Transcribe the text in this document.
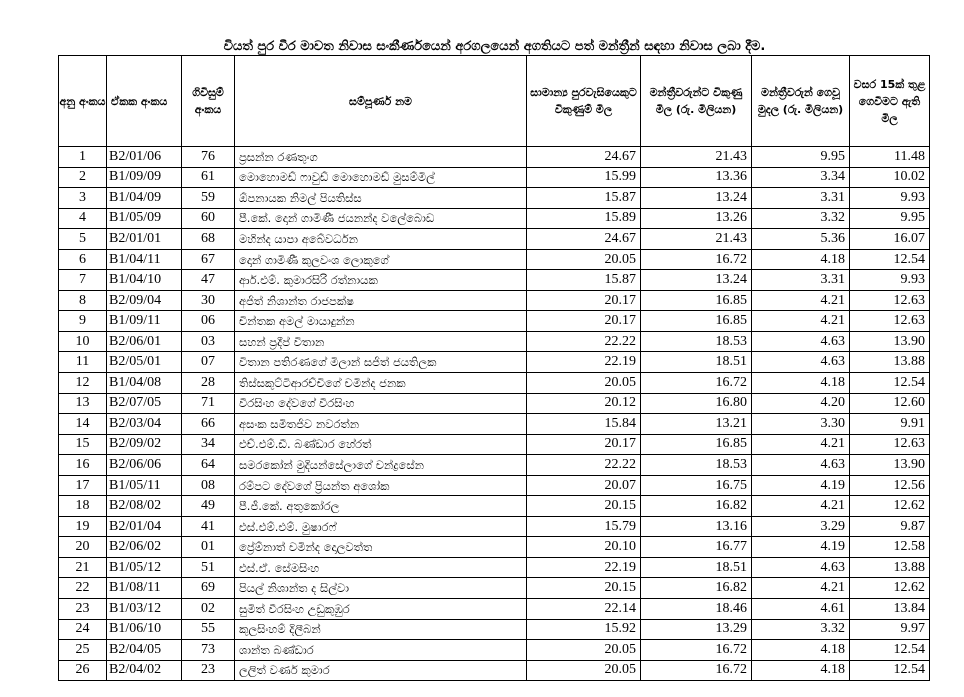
වියත් පුර වීර මාවත නිවාස සංකීර්ණයෙන් අරගලයෙන් අගතියට පත් මන්ත්‍රීන් සඳහා නිවාස ලබා දීම.
අනු අංකය	ඒකක අංකය	ගිවිසුම් අංකය	සම්පූර්ණ නම	සාමාන්‍ය පුරවැසියෙකුට විකුණුම් මිල	මන්ත්‍රීවරුන්ට විකුණු මිල (රු. මිලියන)	මන්ත්‍රීවරුන් ගෙවූ මුදල (රු. මිලියන)	වසර 15ක් තුළ ගෙවීමට ඇති මිල
1	B2/01/06	76	ප්‍රසන්න රණතුංග	24.67	21.43	9.95	11.48
2	B1/09/09	61	මොහොමඩ් ෆාවුඩ් මොහොමඩ් මුසම්මිල්	15.99	13.36	3.34	10.02
3	B1/04/09	59	ඕපනායක නිමල් පියතිස්ස	15.87	13.24	3.31	9.93
4	B1/05/09	60	පී.කේ. දොන් ගාමිණී ජයනන්ද වලේබොඩ	15.89	13.26	3.32	9.95
5	B2/01/01	68	මහින්ද යාපා අබේවර්ධන	24.67	21.43	5.36	16.07
6	B1/04/11	67	දොන් ගාමිණී කුලවංශ ලොකුගේ	20.05	16.72	4.18	12.54
7	B1/04/10	47	ආර්.එම්. කුමාරසිරි රත්නායක	15.87	13.24	3.31	9.93
8	B2/09/04	30	අජිත් නිශාන්ත රාජපක්ෂ	20.17	16.85	4.21	12.63
9	B1/09/11	06	චින්තක අමල් මායාදුන්න	20.17	16.85	4.21	12.63
10	B2/06/01	03	සහන් ප්‍රදීප් විතාන	22.22	18.53	4.63	13.90
11	B2/05/01	07	විතාන පතිරණගේ මිලාන් සජිත් ජයතිලක	22.19	18.51	4.63	13.88
12	B1/04/08	28	තිස්සකුට්ටිආරච්චිගේ චමින්ද ජනක	20.05	16.72	4.18	12.54
13	B2/07/05	71	වීරසිංහ දේවගේ වීරසිංහ	20.12	16.80	4.20	12.60
14	B2/03/04	66	අසංක සමිතජිව නවරත්න	15.84	13.21	3.30	9.91
15	B2/09/02	34	එච්.එම්.ඩී. බණ්ඩාර හේරත්	20.17	16.85	4.21	12.63
16	B2/06/06	64	සමරකෝන් මුදියන්සේලාගේ චන්ද්‍රසේන	22.22	18.53	4.63	13.90
17	B1/05/11	08	රම්පට දේවගේ ප්‍රියන්ත අශෝක	20.07	16.75	4.19	12.56
18	B2/08/02	49	පී.ජී.කේ. අතුකෝරල	20.15	16.82	4.21	12.62
19	B2/01/04	41	එස්.එම්.එම්. මුෂාරෆ්	15.79	13.16	3.29	9.87
20	B2/06/02	01	ප්‍රේම්නාත් චමින්ද දොලවත්ත	20.10	16.77	4.19	12.58
21	B1/05/12	51	එස්.ඒ. සේමසිංහ	22.19	18.51	4.63	13.88
22	B1/08/11	69	පියල් නිශාන්ත ද සිල්වා	20.15	16.82	4.21	12.62
23	B1/03/12	02	සුමිත් වීරසිංහ උඩුකුඹුර	22.14	18.46	4.61	13.84
24	B1/06/10	55	කුලසිංහම් දිලීබන්	15.92	13.29	3.32	9.97
25	B2/04/05	73	ශාන්ත බණ්ඩාර	20.05	16.72	4.18	12.54
26	B2/04/02	23	ලලිත් වර්ණ කුමාර	20.05	16.72	4.18	12.54
